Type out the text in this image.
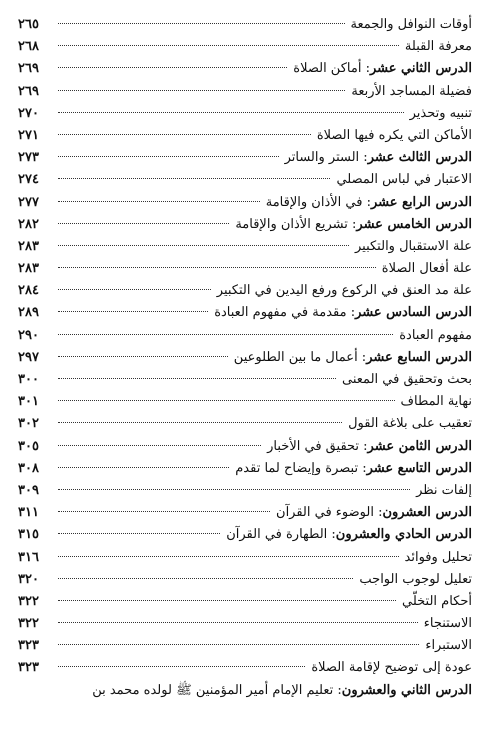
أوقات النوافل والجمعة
٢٦٥
معرفة القبلة
٢٦٨
الدرس الثاني عشر: أماكن الصلاة
٢٦٩
فضيلة المساجد الأربعة
٢٦٩
تنبيه وتحذير
٢٧٠
الأماكن التي يكره فيها الصلاة
٢٧١
الدرس الثالث عشر: الستر والساتر
٢٧٣
الاعتبار في لباس المصلي
٢٧٤
الدرس الرابع عشر: في الأذان والإقامة
٢٧٧
الدرس الخامس عشر: تشريع الأذان والإقامة
٢٨٢
علة الاستقبال والتكبير
٢٨٣
علة أفعال الصلاة
٢٨٣
علة مد العنق في الركوع ورفع اليدين في التكبير
٢٨٤
الدرس السادس عشر: مقدمة في مفهوم العبادة
٢٨٩
مفهوم العبادة
٢٩٠
الدرس السابع عشر: أعمال ما بين الطلوعين
٢٩٧
بحث وتحقيق في المعنى
٣٠٠
نهاية المطاف
٣٠١
تعقيب على بلاغة القول
٣٠٢
الدرس الثامن عشر: تحقيق في الأخبار
٣٠٥
الدرس التاسع عشر: تبصرة وإيضاح لما تقدم
٣٠٨
إلفات نظر
٣٠٩
الدرس العشرون: الوضوء في القرآن
٣١١
الدرس الحادي والعشرون: الطهارة في القرآن
٣١٥
تحليل وفوائد
٣١٦
تعليل لوجوب الواجب
٣٢٠
أحكام التخلّي
٣٢٢
الاستنجاء
٣٢٢
الاستبراء
٣٢٣
عودة إلى توضيح لإقامة الصلاة
٣٢٣
الدرس الثاني والعشرون: تعليم الإمام أمير المؤمنين ﷺ لولده محمد بن
